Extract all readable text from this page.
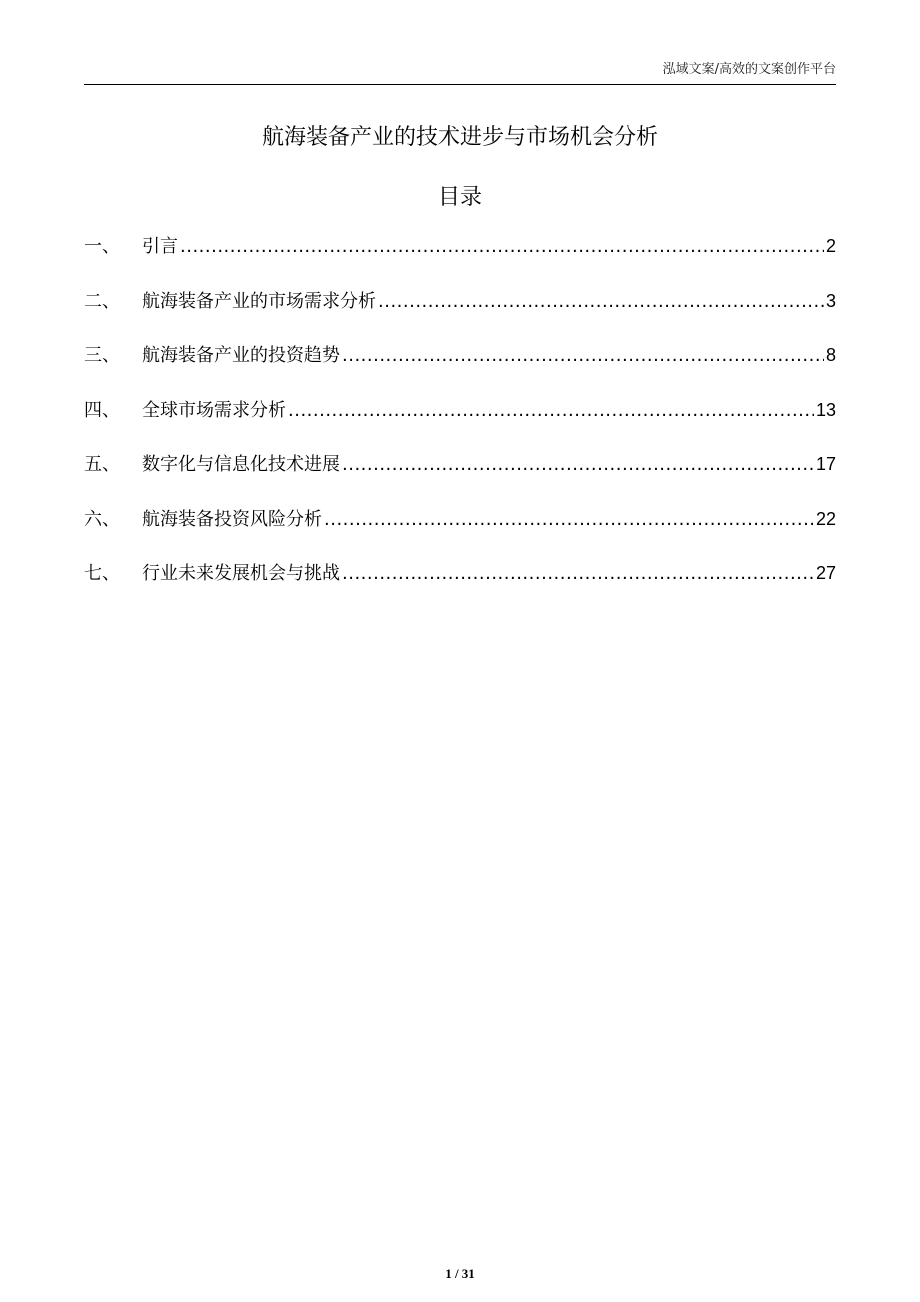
泓域文案/高效的文案创作平台
航海装备产业的技术进步与市场机会分析
目录
一、	引言 .....	2
二、	航海装备产业的市场需求分析 .....	3
三、	航海装备产业的投资趋势 .....	8
四、	全球市场需求分析 .....	13
五、	数字化与信息化技术进展 .....	17
六、	航海装备投资风险分析 .....	22
七、	行业未来发展机会与挑战 .....	27
1 / 31
